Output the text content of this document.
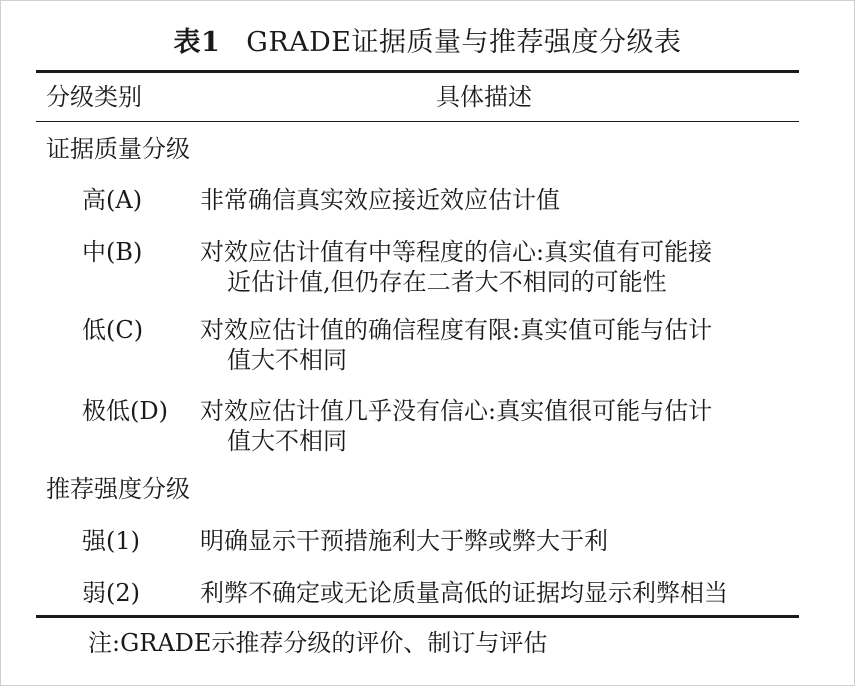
表1 GRADE证据质量与推荐强度分级表
分级类别	具体描述
证据质量分级
高(A) 非常确信真实效应接近效应估计值
中(B) 对效应估计值有中等程度的信心:真实值有可能接
近估计值,但仍存在二者大不相同的可能性
低(C) 对效应估计值的确信程度有限:真实值可能与估计
值大不相同
极低(D) 对效应估计值几乎没有信心:真实值很可能与估计
值大不相同
推荐强度分级
强(1)	明确显示干预措施利大于弊或弊大于利
弱(2)	利弊不确定或无论质量高低的证据均显示利弊相当
注:GRADE示推荐分级的评价、制订与评估
